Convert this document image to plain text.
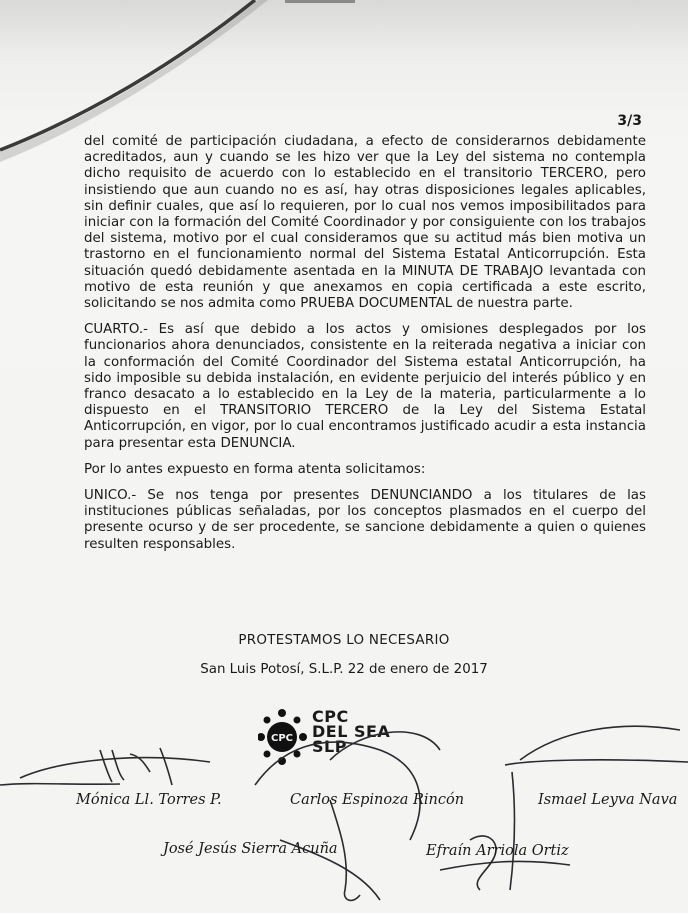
3/3

del comité de participación ciudadana, a efecto de considerarnos debidamente acreditados, aun y cuando se les hizo ver que la Ley del sistema no contempla dicho requisito de acuerdo con lo establecido en el transitorio TERCERO, pero insistiendo que aun cuando no es así, hay otras disposiciones legales aplicables, sin definir cuales, que así lo requieren, por lo cual nos vemos imposibilitados para iniciar con la formación del Comité Coordinador y por consiguiente con los trabajos del sistema, motivo por el cual consideramos que su actitud más bien motiva un trastorno en el funcionamiento normal del Sistema Estatal Anticorrupción. Esta situación quedó debidamente asentada en la MINUTA DE TRABAJO levantada con motivo de esta reunión y que anexamos en copia certificada a este escrito, solicitando se nos admita como PRUEBA DOCUMENTAL de nuestra parte.

CUARTO.- Es así que debido a los actos y omisiones desplegados por los funcionarios ahora denunciados, consistente en la reiterada negativa a iniciar con la conformación del Comité Coordinador del Sistema estatal Anticorrupción, ha sido imposible su debida instalación, en evidente perjuicio del interés público y en franco desacato a lo establecido en la Ley de la materia, particularmente a lo dispuesto en el TRANSITORIO TERCERO de la Ley del Sistema Estatal Anticorrupción, en vigor, por lo cual encontramos justificado acudir a esta instancia para presentar esta DENUNCIA.

Por lo antes expuesto en forma atenta solicitamos:

UNICO.- Se nos tenga por presentes DENUNCIANDO a los titulares de las instituciones públicas señaladas, por los conceptos plasmados en el cuerpo del presente ocurso y de ser procedente, se sancione debidamente a quien o quienes resulten responsables.

PROTESTAMOS LO NECESARIO
San Luis Potosí, S.L.P. 22 de enero de 2017
CPC
CPC
DEL SEA
SLP
Mónica Ll. Torres P.	Carlos Espinoza Rincón	Ismael Leyva Nava
José Jesús Sierra Acuña	Efraín Arriola Ortiz
